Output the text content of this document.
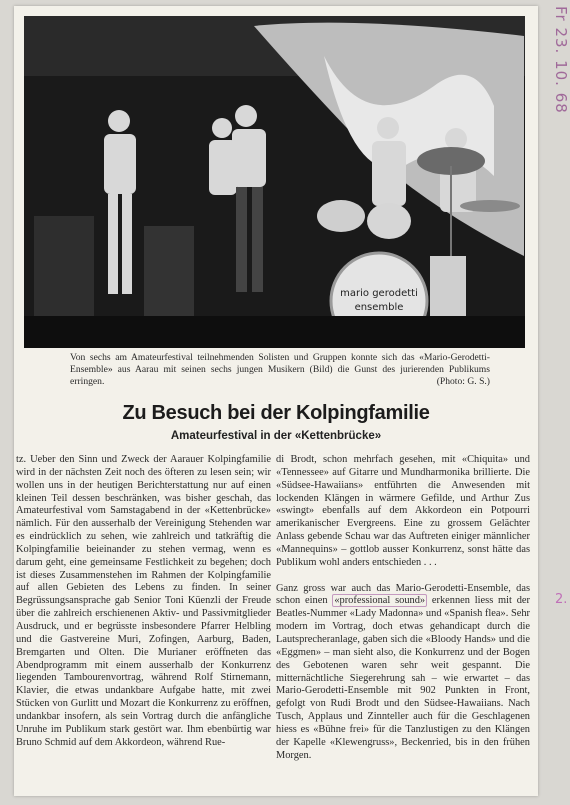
mario gerodetti
ensemble
Von sechs am Amateurfestival teilnehmenden Solisten und Gruppen konnte sich das «Mario-Gerodetti-Ensemble» aus Aarau mit seinen sechs jungen Musikern (Bild) die Gunst des jurierenden Publikums erringen.	(Photo: G. S.)
Zu Besuch bei der Kolpingfamilie
Amateurfestival in der «Kettenbrücke»

tz. Ueber den Sinn und Zweck der Aarauer Kolpingfamilie wird in der nächsten Zeit noch des öfteren zu lesen sein; wir wollen uns in der heutigen Berichterstattung nur auf einen kleinen Teil dessen beschränken, was bisher geschah, das Amateurfestival vom Samstagabend in der «Kettenbrücke» nämlich. Für den ausserhalb der Vereinigung Stehenden war es eindrücklich zu sehen, wie zahlreich und tatkräftig die Kolpingfamilie beieinander zu stehen vermag, wenn es darum geht, eine gemeinsame Festlichkeit zu begehen; doch ist dieses Zusammenstehen im Rahmen der Kolpingfamilie auf allen Gebieten des Lebens zu finden. In seiner Begrüssungsansprache gab Senior Toni Küenzli der Freude über die zahlreich erschienenen Aktiv- und Passivmitglieder Ausdruck, und er begrüsste insbesondere Pfarrer Helbling und die Gastvereine Muri, Zofingen, Aarburg, Baden, Bremgarten und Olten. Die Murianer eröffneten das Abendprogramm mit einem ausserhalb der Konkurrenz liegenden Tambourenvortrag, während Rolf Stirnemann, Klavier, die etwas undankbare Aufgabe hatte, mit zwei Stücken von Gurlitt und Mozart die Konkurrenz zu eröffnen, undankbar insofern, als sein Vortrag durch die anfängliche Unruhe im Publikum stark gestört war. Ihm ebenbürtig war Bruno Schmid auf dem Akkordeon, während Rue-

di Brodt, schon mehrfach gesehen, mit «Chiquita» und «Tennessee» auf Gitarre und Mundharmonika brillierte. Die «Südsee-Hawaiians» entführten die Anwesenden mit lockenden Klängen in wärmere Gefilde, und Arthur Zus «swingt» ebenfalls auf dem Akkordeon ein Potpourri amerikanischer Evergreens. Eine zu grossem Gelächter Anlass gebende Schau war das Auftreten einiger männlicher «Mannequins» – gottlob ausser Konkurrenz, sonst hätte das Publikum wohl anders entschieden . . .

Ganz gross war auch das Mario-Gerodetti-Ensemble, das schon einen «professional sound» erkennen liess mit der Beatles-Nummer «Lady Madonna» und «Spanish flea». Sehr modern im Vortrag, doch etwas gehandicapt durch die Lautsprecheranlage, gaben sich die «Bloody Hands» und die «Eggmen» – man sieht also, die Konkurrenz und der Bogen des Gebotenen waren sehr weit gespannt. Die mitternächtliche Siegerehrung sah – wie erwartet – das Mario-Gerodetti-Ensemble mit 902 Punkten in Front, gefolgt von Rudi Brodt und den Südsee-Hawaiians. Nach Tusch, Applaus und Zinnteller auch für die Geschlagenen hiess es «Bühne frei» für die Tanzlustigen zu den Klängen der Kapelle «Klewengruss», Beckenried, bis in den frühen Morgen.

Fr 23. 10. 68
2.
